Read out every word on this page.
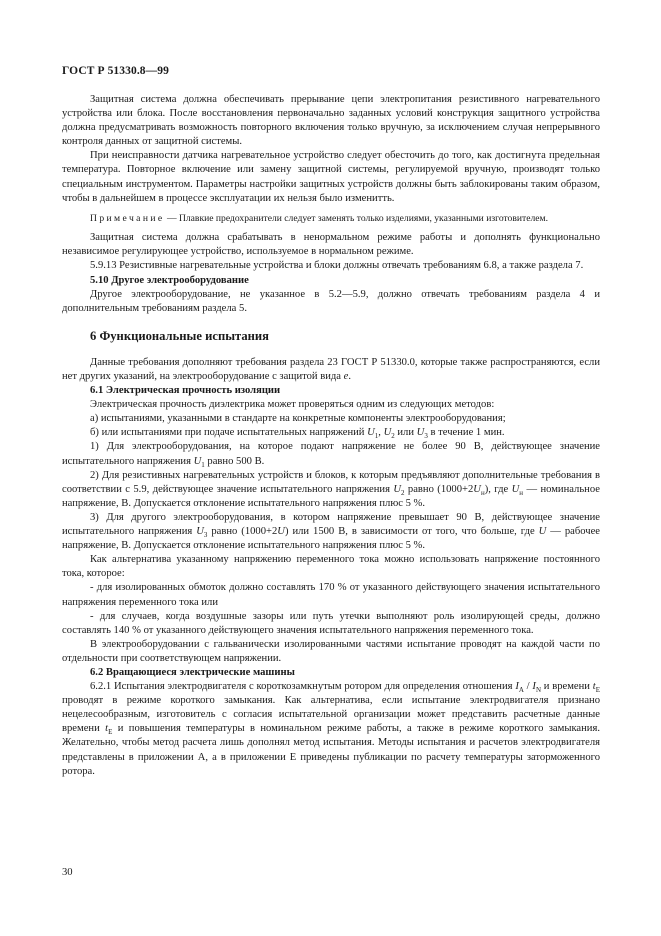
ГОСТ Р 51330.8—99

Защитная система должна обеспечивать прерывание цепи электропитания резистивного нагревательного устройства или блока. После восстановления первоначально заданных условий конструкция защитного устройства должна предусматривать возможность повторного включения только вручную, за исключением случая непрерывного контроля данных от защитной системы.

При неисправности датчика нагревательное устройство следует обесточить до того, как достигнута предельная температура. Повторное включение или замену защитной системы, регулируемой вручную, производят только специальным инструментом. Параметры настройки защитных устройств должны быть заблокированы таким образом, чтобы в дальнейшем в процессе эксплуатации их нельзя было изменитть.

Примечание — Плавкие предохранители следует заменять только изделиями, указанными изготовителем.

Защитная система должна срабатывать в ненормальном режиме работы и дополнять функционально независимое регулирующее устройство, используемое в нормальном режиме.

5.9.13 Резистивные нагревательные устройства и блоки должны отвечать требованиям 6.8, а также раздела 7.

5.10 Другое электрооборудование

Другое электрооборудование, не указанное в 5.2—5.9, должно отвечать требованиям раздела 4 и дополнительным требованиям раздела 5.

6 Функциональные испытания

Данные требования дополняют требования раздела 23 ГОСТ Р 51330.0, которые также распространяются, если нет других указаний, на электрооборудование с защитой вида е.

6.1 Электрическая прочность изоляции

Электрическая прочность диэлектрика может проверяться одним из следующих методов:

а) испытаниями, указанными в стандарте на конкретные компоненты электрооборудования;

б) или испытаниями при подаче испытательных напряжений $U_1$, $U_2$ или $U_3$ в течение 1 мин.

1) Для электрооборудования, на которое подают напряжение не более 90 В, действующее значение испытательного напряжения $U_1$ равно 500 В.

2) Для резистивных нагревательных устройств и блоков, к которым предъявляют дополнительные требования в соответствии с 5.9, действующее значение испытательного напряжения $U_2$ равно $(1000+2U_н)$, где $U_н$ — номинальное напряжение, В. Допускается отклонение испытательного напряжения плюс 5 %.

3) Для другого электрооборудования, в котором напряжение превышает 90 В, действующее значение испытательного напряжения $U_3$ равно (1000+2U) или 1500 В, в зависимости от того, что больше, где U — рабочее напряжение, В. Допускается отклонение испытательного напряжения плюс 5 %.

Как альтернатива указанному напряжению переменного тока можно использовать напряжение постоянного тока, которое:

- для изолированных обмоток должно составлять 170 % от указанного действующего значения испытательного напряжения переменного тока или

- для случаев, когда воздушные зазоры или путь утечки выполняют роль изолирующей среды, должно составлять 140 % от указанного действующего значения испытательного напряжения переменного тока.

В электрооборудовании с гальванически изолированными частями испытание проводят на каждой части по отдельности при соответствующем напряжении.

6.2 Вращающиеся электрические машины

6.2.1 Испытания электродвигателя с короткозамкнутым ротором для определения отношения $I_A / I_N$ и времени $t_E$ проводят в режиме короткого замыкания. Как альтернатива, если испытание электродвигателя признано нецелесообразным, изготовитель с согласия испытательной организации может представить расчетные данные времени $t_E$ и повышения температуры в номинальном режиме работы, а также в режиме короткого замыкания. Желательно, чтобы метод расчета лишь дополнял метод испытания. Методы испытания и расчетов электродвигателя представлены в приложении А, а в приложении Е приведены публикации по расчету температуры заторможенного ротора.

30
